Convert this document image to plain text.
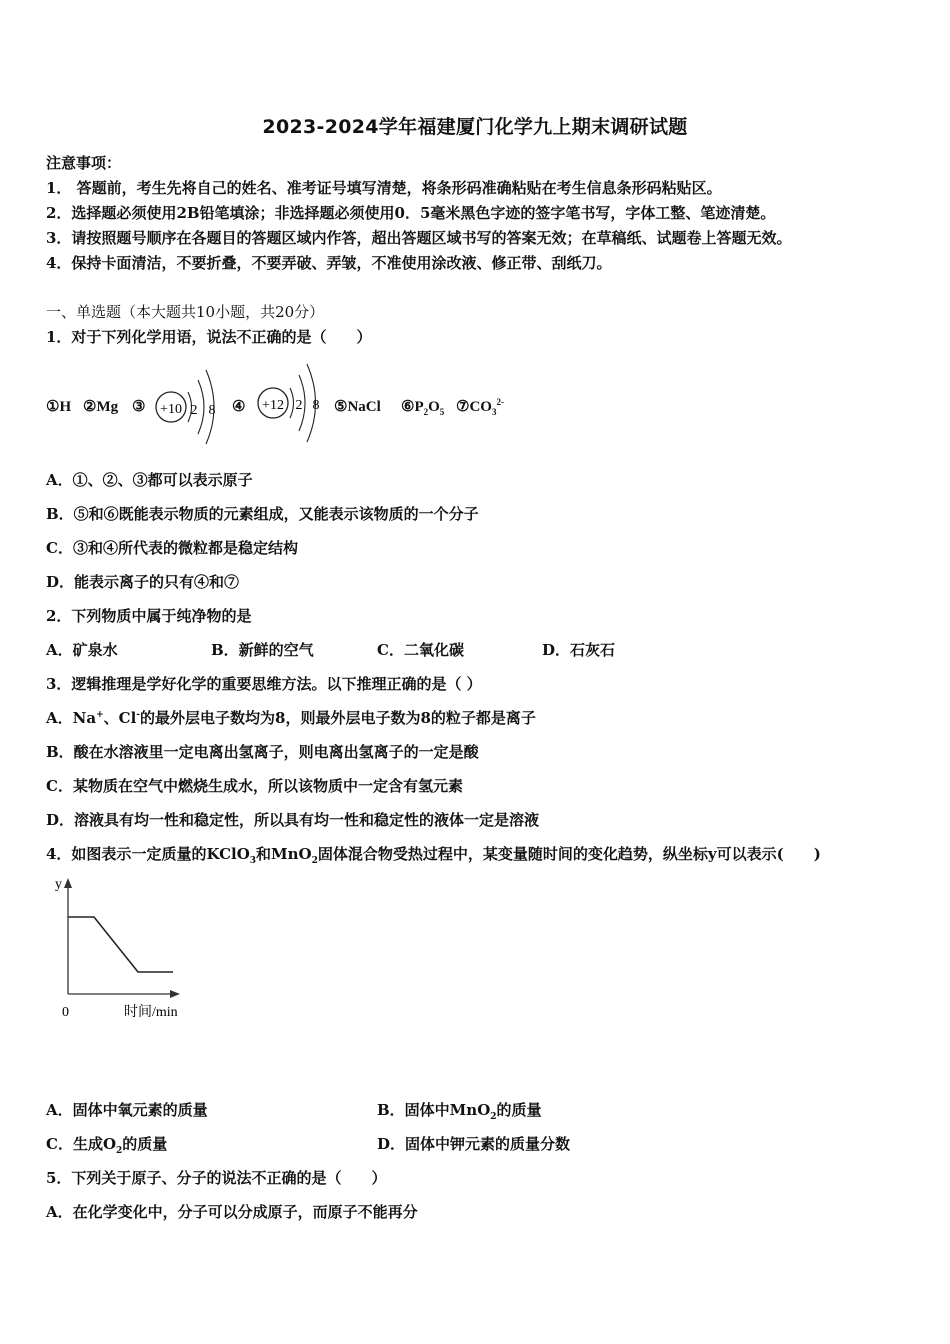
2023-2024学年福建厦门化学九上期末调研试题
注意事项：
1． 答题前，考生先将自己的姓名、准考证号填写清楚，将条形码准确粘贴在考生信息条形码粘贴区。
2．选择题必须使用2B铅笔填涂；非选择题必须使用0．5毫米黑色字迹的签字笔书写，字体工整、笔迹清楚。
3．请按照题号顺序在各题目的答题区域内作答，超出答题区域书写的答案无效；在草稿纸、试题卷上答题无效。
4．保持卡面清洁，不要折叠，不要弄破、弄皱，不准使用涂改液、修正带、刮纸刀。
一、单选题（本大题共10小题，共20分）
1．对于下列化学用语，说法不正确的是（　　）
①H ②Mg ③ +10 2 8 ④ +12 2 8 ⑤NaCl $⑥P_2O_5$ $⑦CO_3^{2-}$
A．①、②、③都可以表示原子
B．⑤和⑥既能表示物质的元素组成，又能表示该物质的一个分子
C．③和④所代表的微粒都是稳定结构
D．能表示离子的只有④和⑦
2．下列物质中属于纯净物的是
A．矿泉水	B．新鲜的空气	C．二氧化碳	D．石灰石
3．逻辑推理是学好化学的重要思维方法。以下推理正确的是（ ）
A．Na+、Cl-的最外层电子数均为8，则最外层电子数为8的粒子都是离子
B．酸在水溶液里一定电离出氢离子，则电离出氢离子的一定是酸
C．某物质在空气中燃烧生成水，所以该物质中一定含有氢元素
D．溶液具有均一性和稳定性，所以具有均一性和稳定性的液体一定是溶液
4．如图表示一定质量的KClO$_3$和MnO$_2$固体混合物受热过程中，某变量随时间的变化趋势，纵坐标y可以表示(　　)
y
0	时间/min
A．固体中氧元素的质量	B．固体中MnO$_2$的质量
C．生成$O_2$的质量	D．固体中钾元素的质量分数
5．下列关于原子、分子的说法不正确的是（　　）
A．在化学变化中，分子可以分成原子，而原子不能再分
